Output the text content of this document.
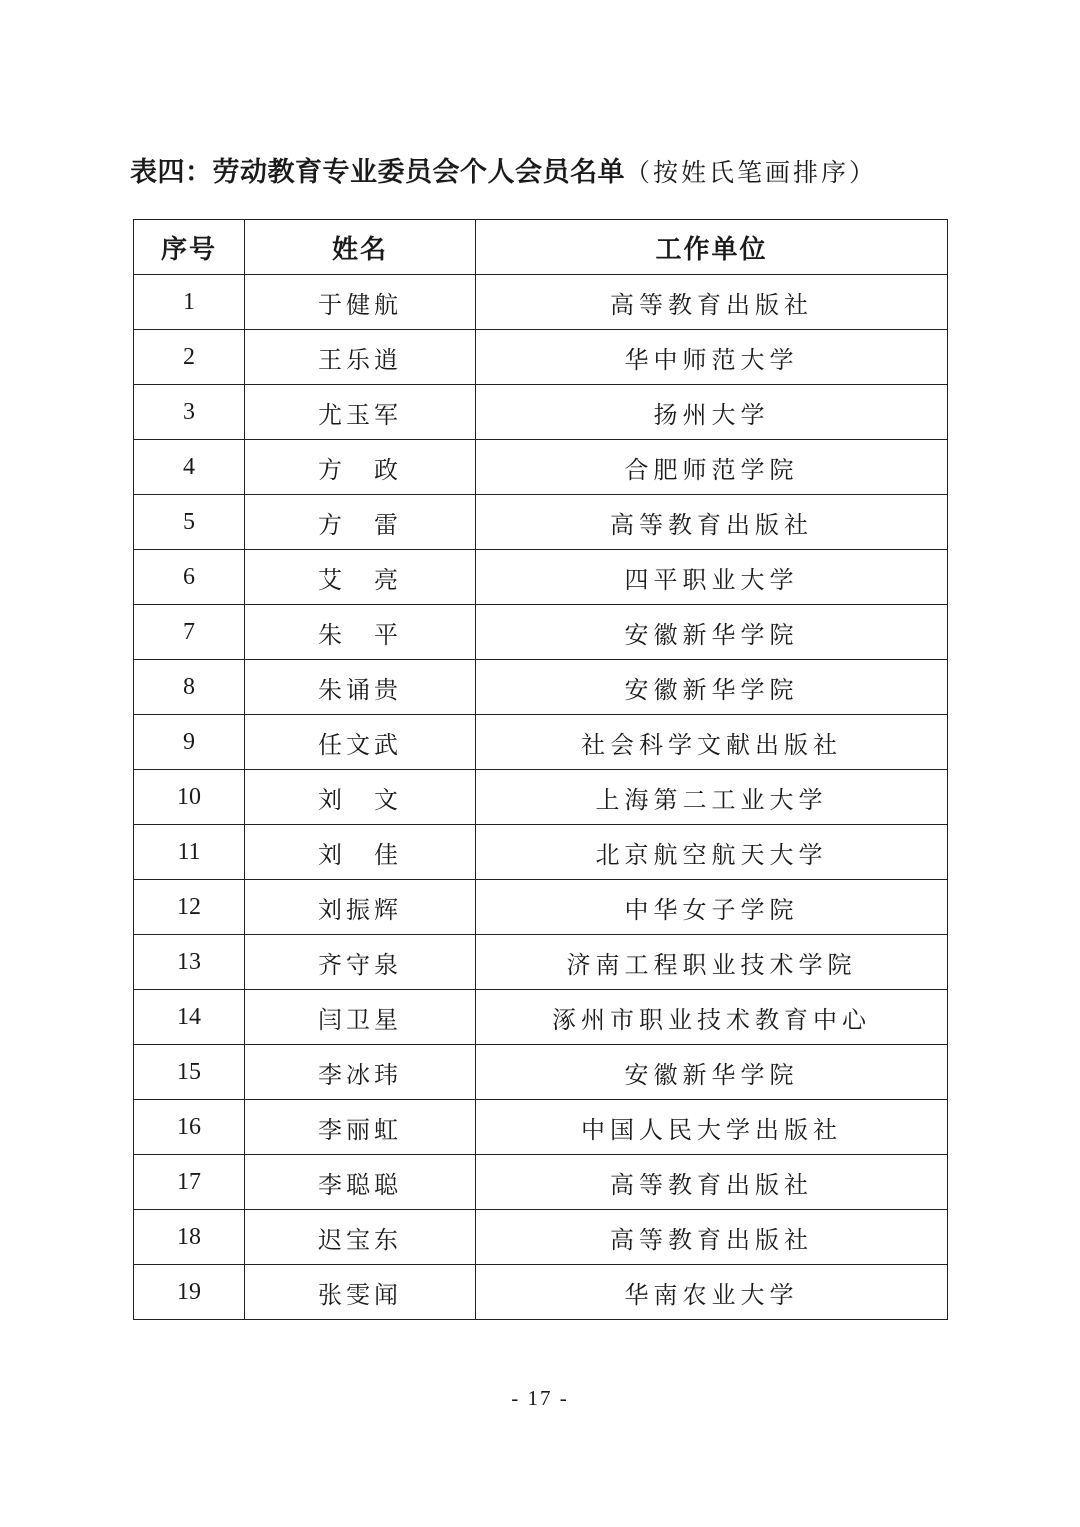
表四：劳动教育专业委员会个人会员名单（按姓氏笔画排序）
序号	姓名	工作单位
1	于健航	高等教育出版社
2	王乐逍	华中师范大学
3	尤玉军	扬州大学
4	方　政	合肥师范学院
5	方　雷	高等教育出版社
6	艾　亮	四平职业大学
7	朱　平	安徽新华学院
8	朱诵贵	安徽新华学院
9	任文武	社会科学文献出版社
10	刘　文	上海第二工业大学
11	刘　佳	北京航空航天大学
12	刘振辉	中华女子学院
13	齐守泉	济南工程职业技术学院
14	闫卫星	涿州市职业技术教育中心
15	李冰玮	安徽新华学院
16	李丽虹	中国人民大学出版社
17	李聪聪	高等教育出版社
18	迟宝东	高等教育出版社
19	张雯闻	华南农业大学
- 17 -
